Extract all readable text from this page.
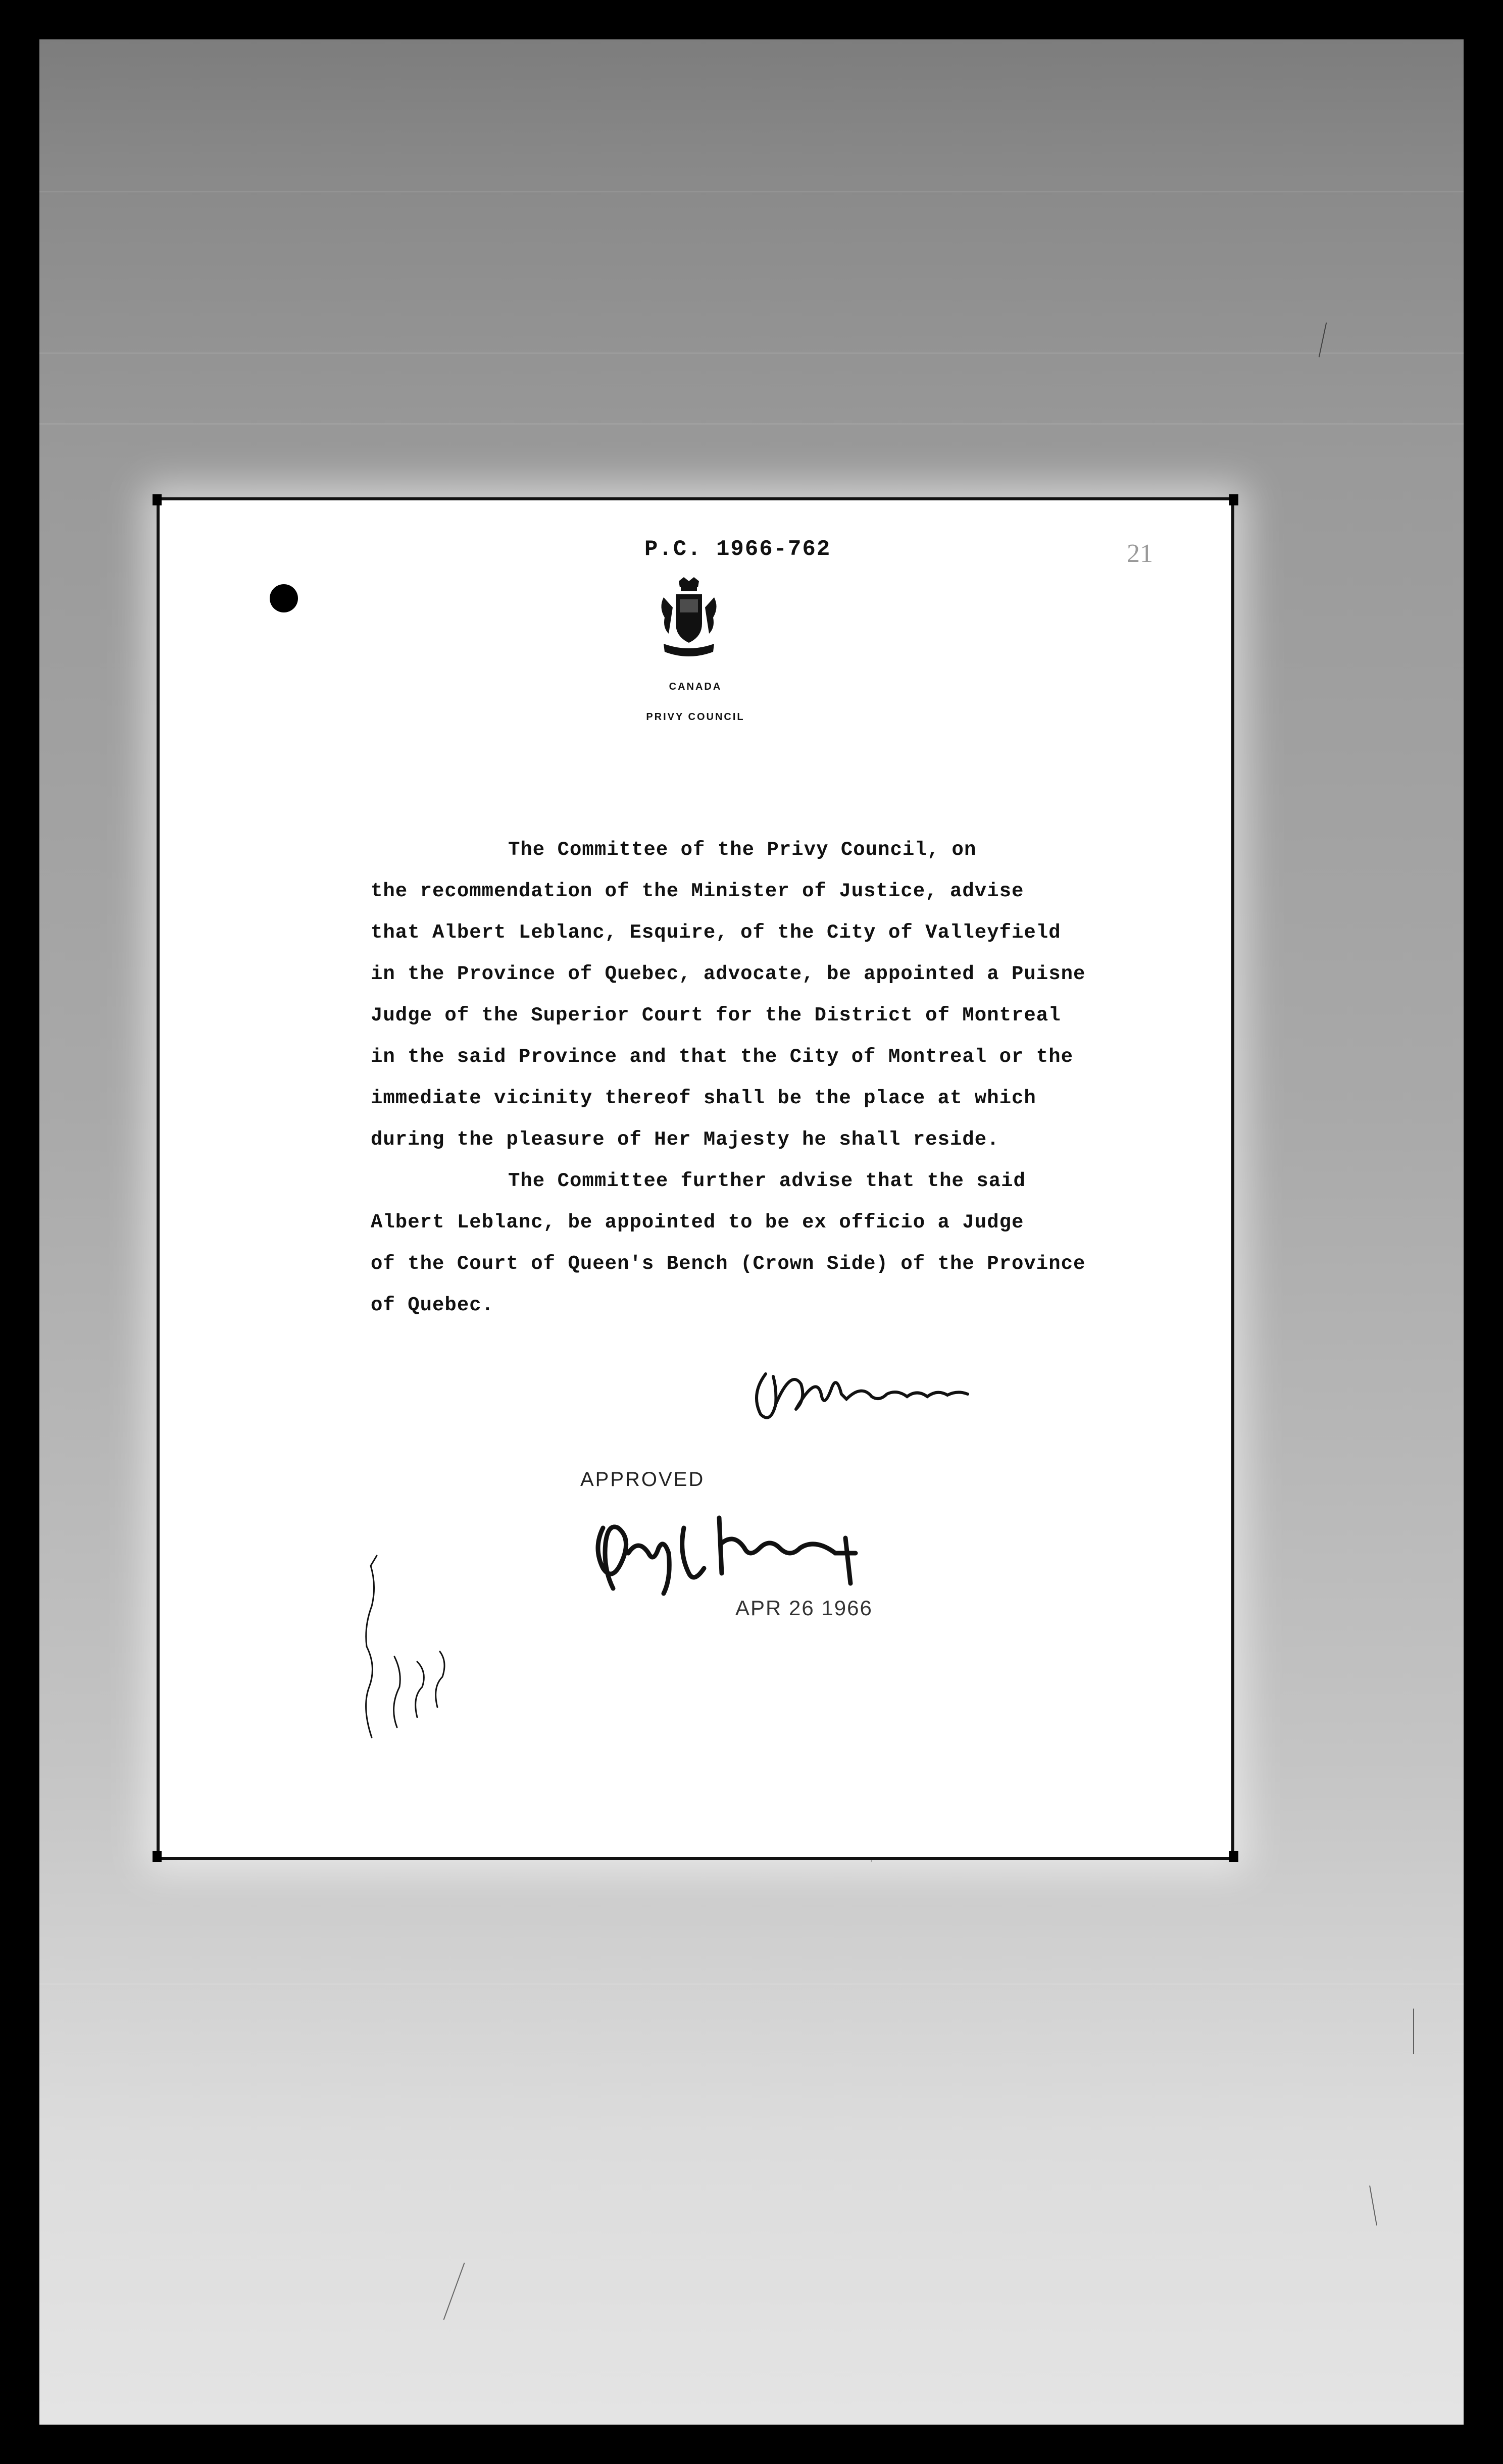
P.C. 1966-762	21
CANADA
PRIVY COUNCIL
The Committee of the Privy Council, on
the recommendation of the Minister of Justice, advise
that Albert Leblanc, Esquire, of the City of Valleyfield
in the Province of Quebec, advocate, be appointed a Puisne
Judge of the Superior Court for the District of Montreal
in the said Province and that the City of Montreal or the
immediate vicinity thereof shall be the place at which
during the pleasure of Her Majesty he shall reside.
The Committee further advise that the said
Albert Leblanc, be appointed to be ex officio a Judge
of the Court of Queen's Bench (Crown Side) of the Province
of Quebec.
APPROVED
APR 26 1966
